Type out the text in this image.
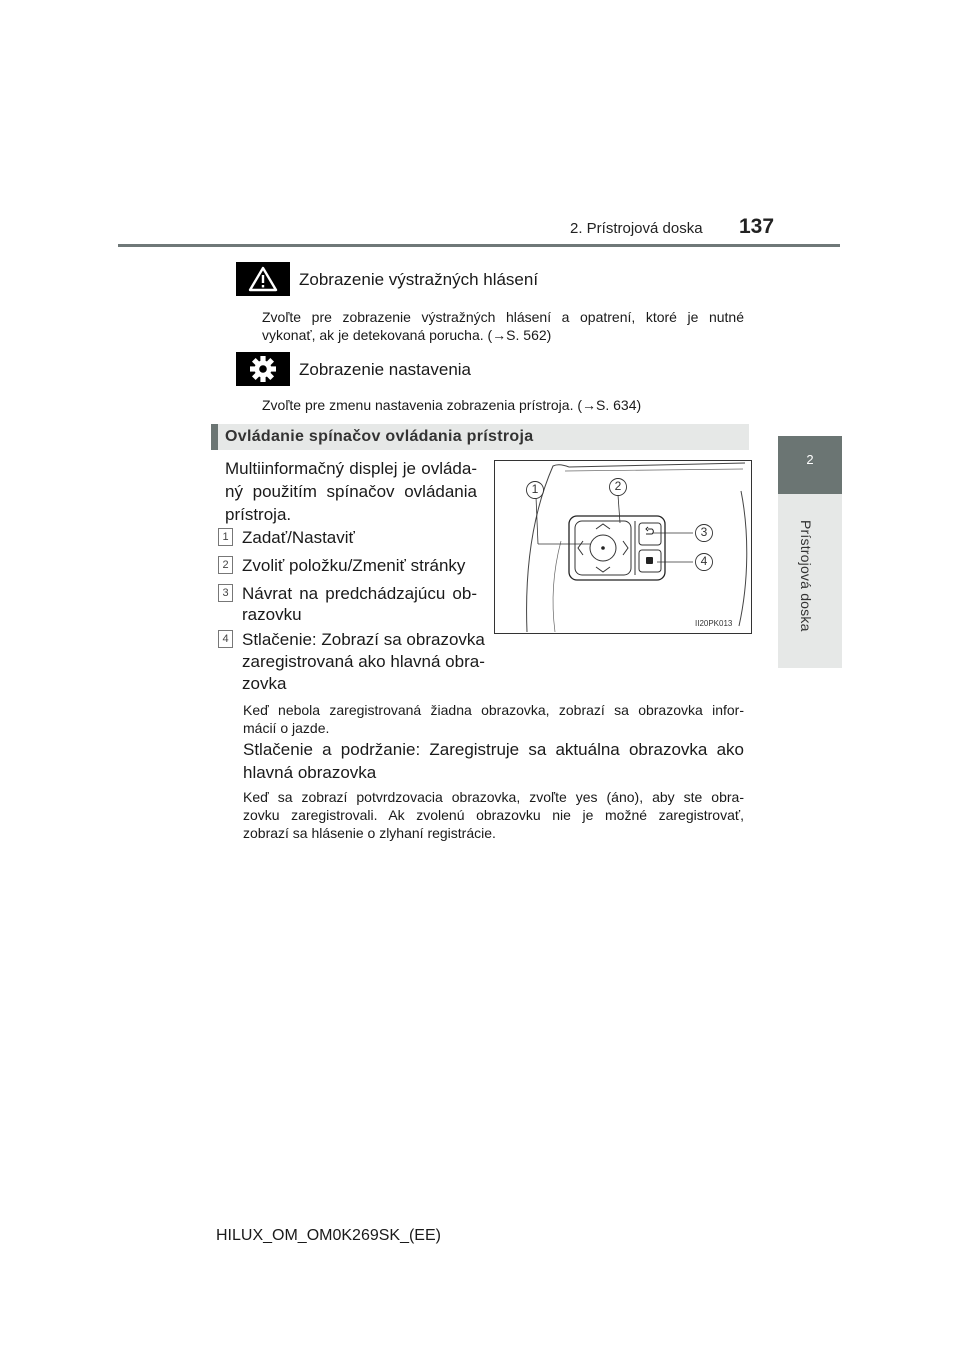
2. Prístrojová doska 137
2
Prístrojová doska
Zobrazenie výstražných hlásení
Zvoľte pre zobrazenie výstražných hlásení a opatrení, ktoré je nutné
vykonať, ak je detekovaná porucha. (→S. 562)
Zobrazenie nastavenia
Zvoľte pre zmenu nastavenia zobrazenia prístroja. (→S. 634)
Ovládanie spínačov ovládania prístroja
Multiinformačný displej je ovláda-
ný použitím spínačov ovládania
prístroja.
1 Zadať/Nastaviť
2 Zvoliť položku/Zmeniť stránky
3 Návrat na predchádzajúcu ob-
razovku
4 Stlačenie: Zobrazí sa obrazovka
zaregistrovaná ako hlavná obra-
zovka
1	2
3
4
II20PK013
Keď nebola zaregistrovaná žiadna obrazovka, zobrazí sa obrazovka infor-
mácií o jazde.
Stlačenie a podržanie: Zaregistruje sa aktuálna obrazovka ako
hlavná obrazovka
Keď sa zobrazí potvrdzovacia obrazovka, zvoľte yes (áno), aby ste obra-
zovku zaregistrovali. Ak zvolenú obrazovku nie je možné zaregistrovať,
zobrazí sa hlásenie o zlyhaní registrácie.
HILUX_OM_OM0K269SK_(EE)
